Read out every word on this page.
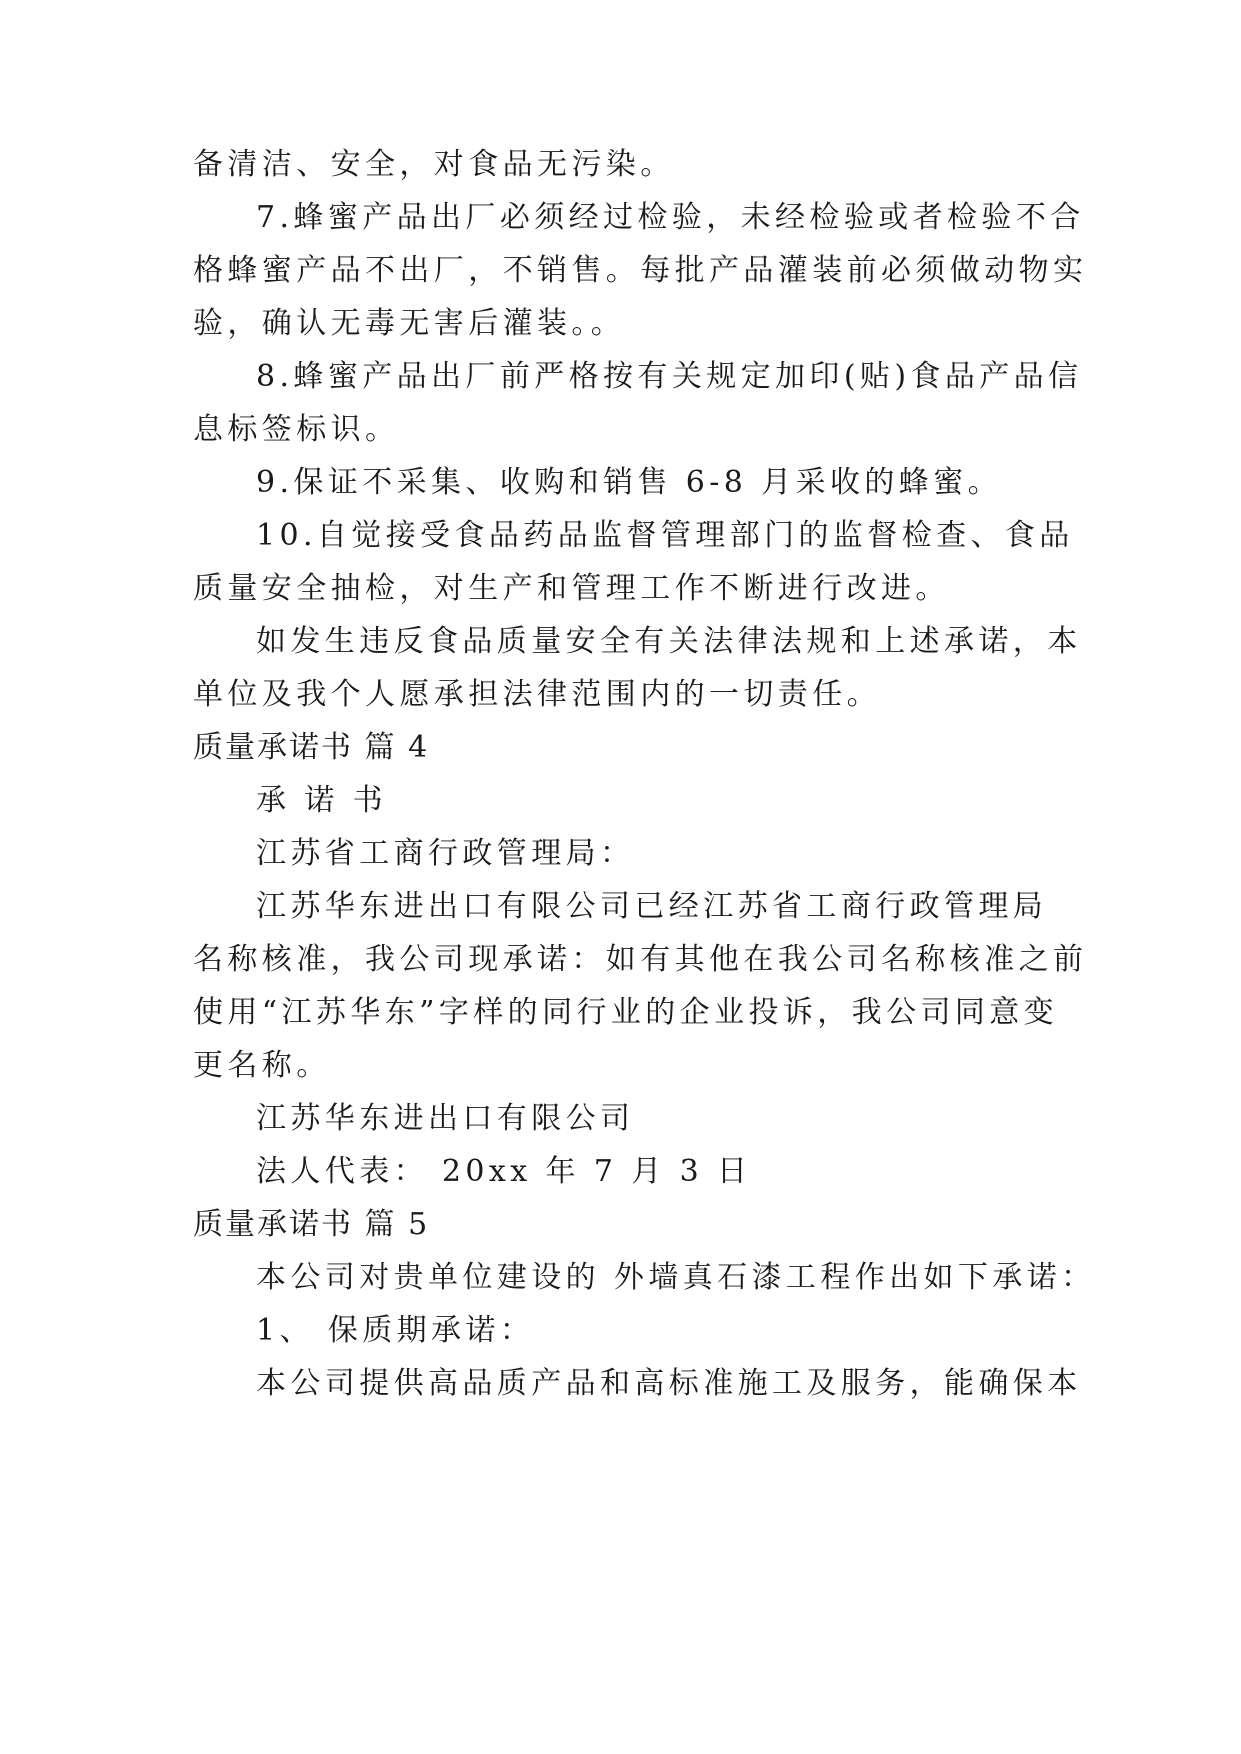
备清洁、安全，对食品无污染。
7.蜂蜜产品出厂必须经过检验，未经检验或者检验不合
格蜂蜜产品不出厂，不销售。每批产品灌装前必须做动物实
验，确认无毒无害后灌装。。
8.蜂蜜产品出厂前严格按有关规定加印(贴)食品产品信
息标签标识。
9.保证不采集、收购和销售 6-8 月采收的蜂蜜。
10.自觉接受食品药品监督管理部门的监督检查、食品
质量安全抽检，对生产和管理工作不断进行改进。
如发生违反食品质量安全有关法律法规和上述承诺，本
单位及我个人愿承担法律范围内的一切责任。
质量承诺书 篇 4
承 诺 书
江苏省工商行政管理局：
江苏华东进出口有限公司已经江苏省工商行政管理局
名称核准，我公司现承诺：如有其他在我公司名称核准之前
使用“江苏华东”字样的同行业的企业投诉，我公司同意变
更名称。
江苏华东进出口有限公司
法人代表： 20xx 年 7 月 3 日
质量承诺书 篇 5
本公司对贵单位建设的 外墙真石漆工程作出如下承诺：
1、 保质期承诺：
本公司提供高品质产品和高标准施工及服务，能确保本
